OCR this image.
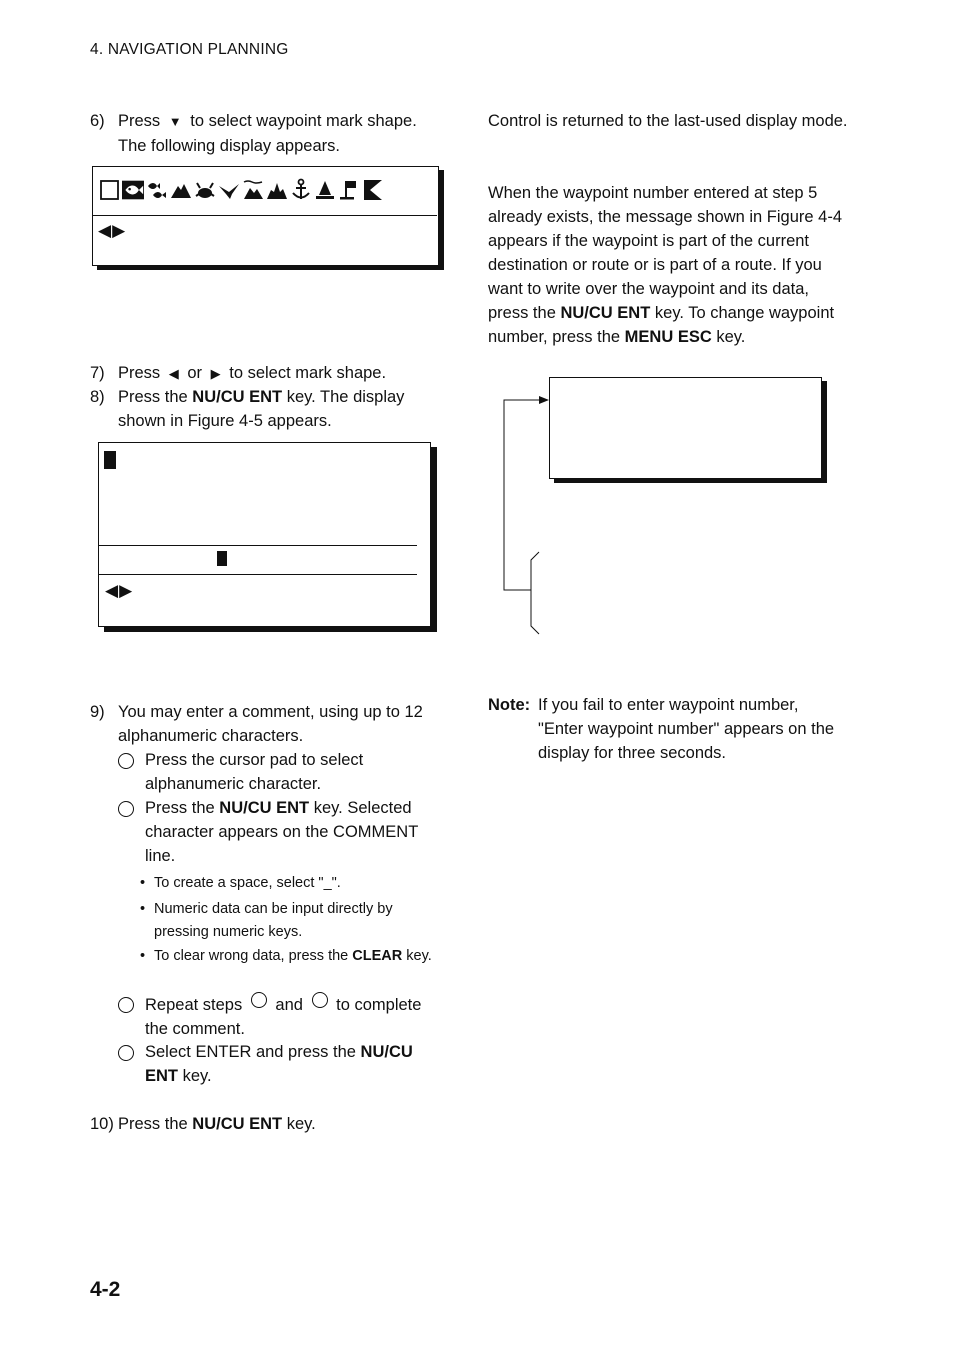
4. NAVIGATION PLANNING
6) Press ▼ to select waypoint mark shape. The following display appears.
◀▶
7) Press ◀ or ▶ to select mark shape.
8) Press the NU/CU ENT key. The display shown in Figure 4-5 appears.
◀▶
9) You may enter a comment, using up to 12 alphanumeric characters.
Press the cursor pad to select alphanumeric character.
Press the NU/CU ENT key. Selected character appears on the COMMENT line.
• To create a space, select "_".
• Numeric data can be input directly by pressing numeric keys.
• To clear wrong data, press the CLEAR key.
Repeat steps and to complete the comment.
Select ENTER and press the NU/CU ENT key.
10) Press the NU/CU ENT key.
Control is returned to the last-used display mode.
When the waypoint number entered at step 5 already exists, the message shown in Figure 4-4 appears if the waypoint is part of the current destination or route or is part of a route. If you want to write over the waypoint and its data, press the NU/CU ENT key. To change waypoint number, press the MENU ESC key.
Note: If you fail to enter waypoint number, "Enter waypoint number" appears on the display for three seconds.
4-2
